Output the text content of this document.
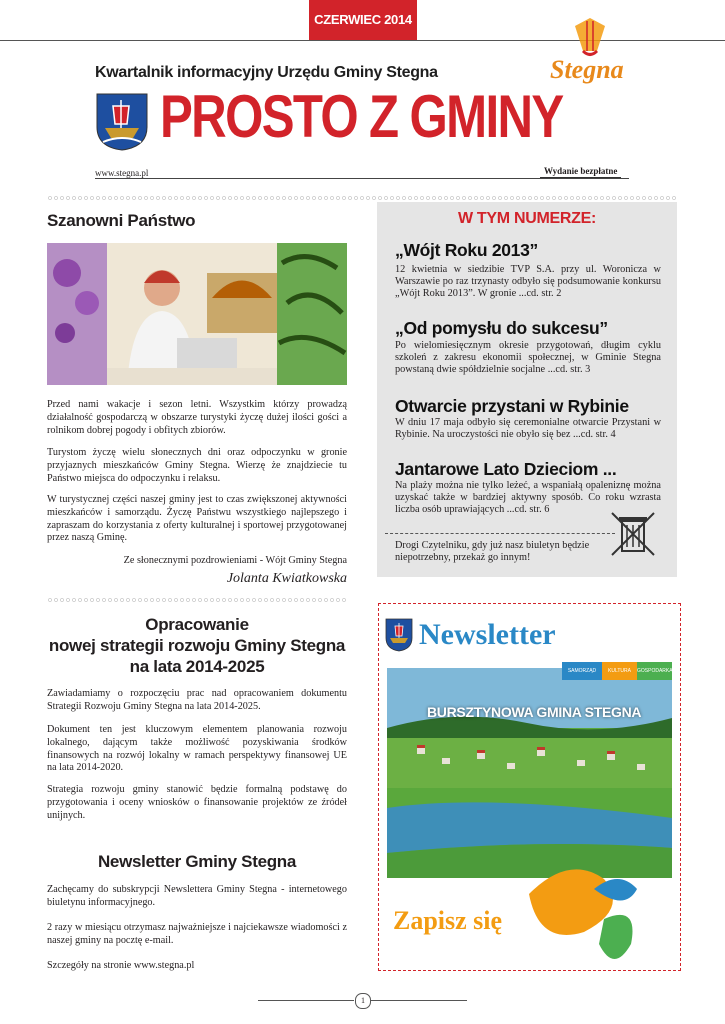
CZERWIEC 2014
Stegna
Kwartalnik informacyjny Urzędu Gminy Stegna
PROSTO Z GMINY
www.stegna.pl	Wydanie bezpłatne
W TYM NUMERZE:
„Wójt Roku 2013”
12 kwietnia w siedzibie TVP S.A. przy ul. Woronicza w Warszawie po raz trzynasty odbyło się podsumowanie konkursu „Wójt Roku 2013”. W gronie ...cd. str. 2
„Od pomysłu do sukcesu”
Po wielomiesięcznym okresie przygotowań, długim cyklu szkoleń z zakresu ekonomii społecznej, w Gminie Stegna powstaną dwie spółdzielnie socjalne ...cd. str. 3
Otwarcie przystani w Rybinie
W dniu 17 maja odbyło się ceremonialne otwarcie Przystani w Rybinie. Na uroczystości nie obyło się bez ...cd. str. 4
Jantarowe Lato Dzieciom ...
Na plaży można nie tylko leżeć, a wspaniałą opaleniznę można uzyskać także w bardziej aktywny sposób. Co roku wzrasta liczba osób uprawiających ...cd. str. 6
Drogi Czytelniku, gdy już nasz biuletyn będzie niepotrzebny, przekaż go innym!
Szanowni Państwo
Przed nami wakacje i sezon letni. Wszystkim którzy prowadzą działalność gospodarczą w obszarze turystyki życzę dużej ilości gości a rolnikom dobrej pogody i obfitych zbiorów.
Turystom życzę wielu słonecznych dni oraz odpoczynku w gronie przyjaznych mieszkańców Gminy Stegna. Wierzę że znajdziecie tu Państwo miejsca do odpoczynku i relaksu.
W turystycznej części naszej gminy jest to czas zwiększonej aktywności mieszkańców i samorządu. Życzę Państwu wszystkiego najlepszego i zapraszam do korzystania z oferty kulturalnej i sportowej przygotowanej przez naszą Gminę.
Ze słonecznymi pozdrowieniami - Wójt Gminy Stegna
Jolanta Kwiatkowska
Opracowanie
nowej strategii rozwoju Gminy Stegna
na lata 2014-2025
Zawiadamiamy o rozpoczęciu prac nad opracowaniem dokumentu Strategii Rozwoju Gminy Stegna na lata 2014-2025.
Dokument ten jest kluczowym elementem planowania rozwoju lokalnego, dającym także możliwość pozyskiwania środków finansowych na rozwój lokalny w ramach perspektywy finansowej UE na lata 2014-2020.
Strategia rozwoju gminy stanowić będzie formalną podstawę do przygotowania i oceny wniosków o finansowanie projektów ze źródeł unijnych.
Newsletter Gminy Stegna
Zachęcamy do subskrypcji Newslettera Gminy Stegna - internetowego biuletynu informacyjnego.
2 razy w miesiącu otrzymasz najważniejsze i najciekawsze wiadomości z naszej gminy na pocztę e-mail.
Szczegóły na stronie www.stegna.pl
Newsletter
SAMORZĄD	KULTURA	GOSPODARKA
BURSZTYNOWA GMINA STEGNA
Zapisz się
1
